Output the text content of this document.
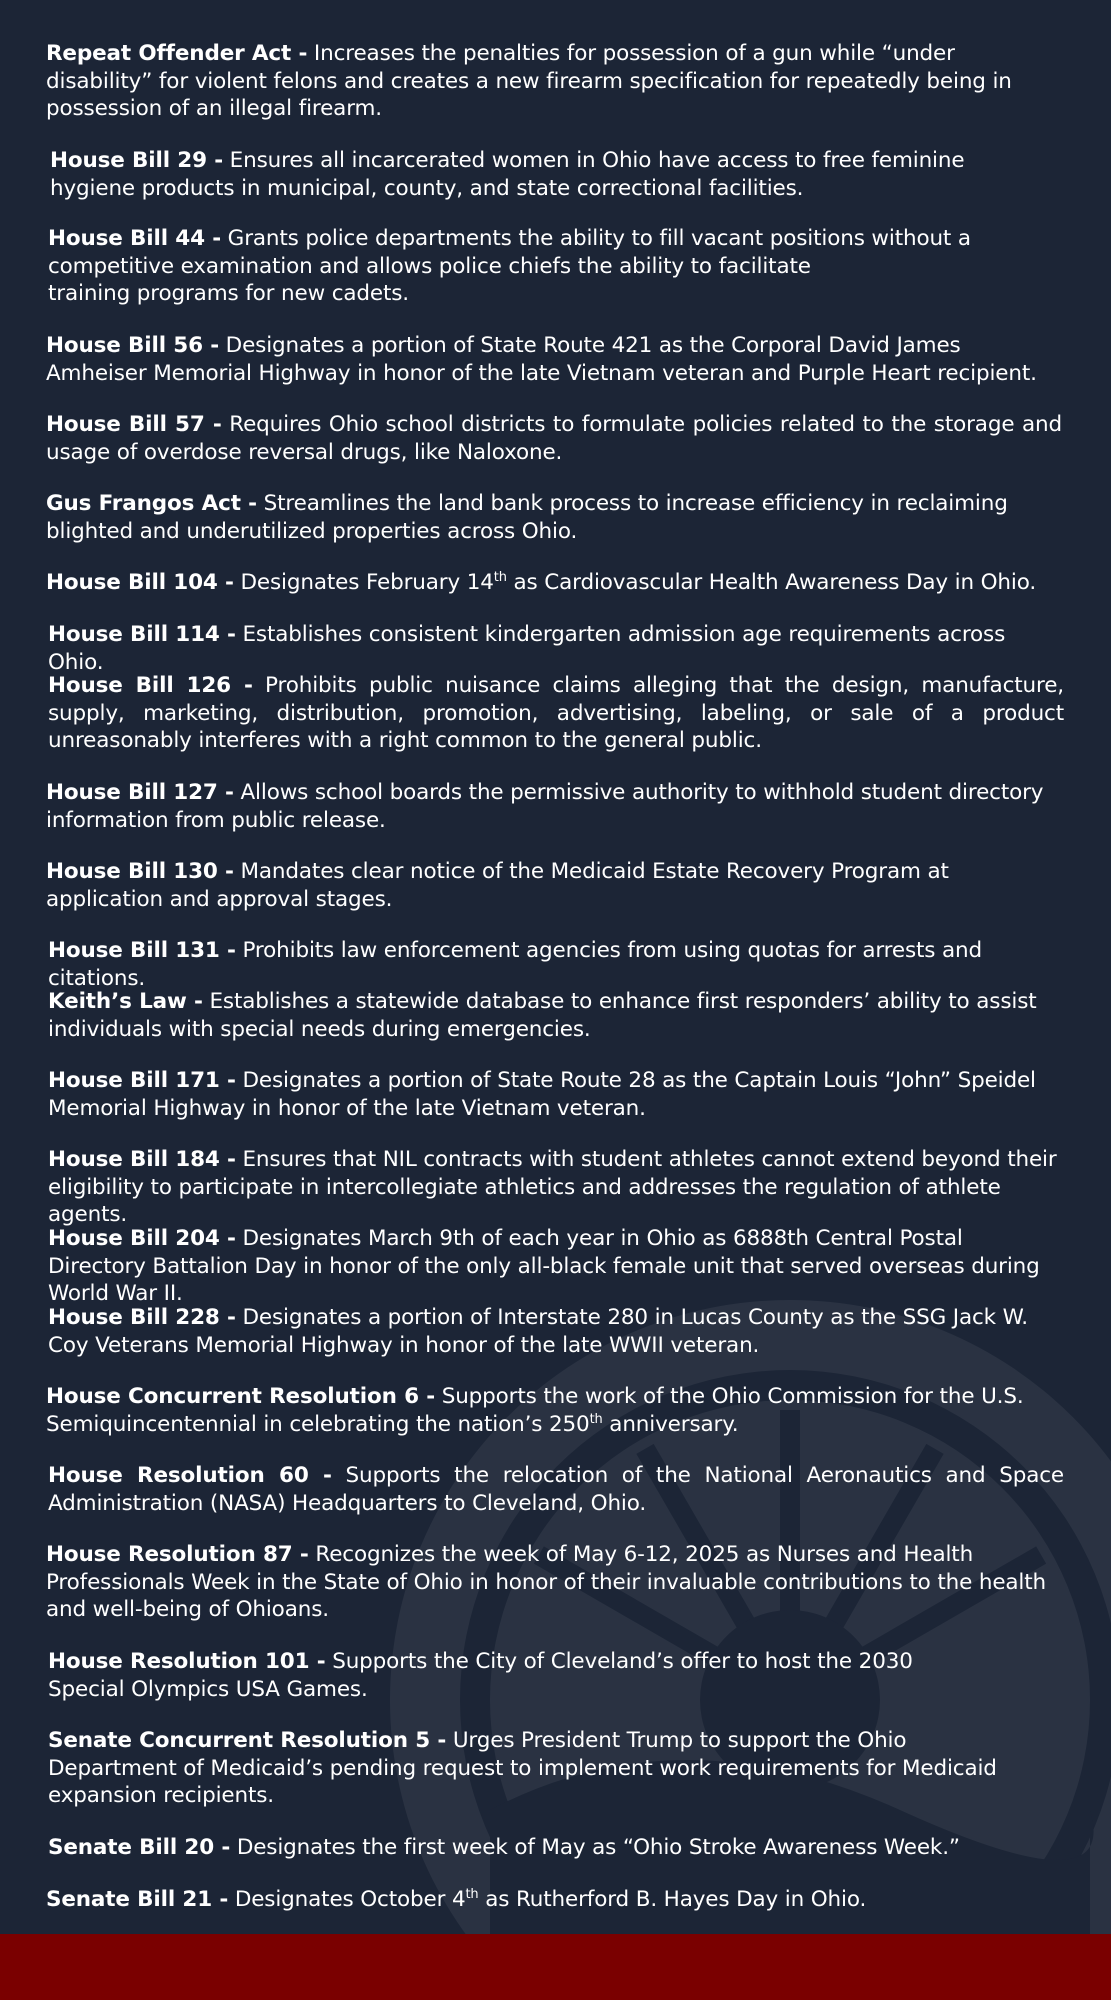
Repeat Offender Act - Increases the penalties for possession of a gun while “under disability” for violent felons and creates a new firearm specification for repeatedly being in possession of an illegal firearm.

House Bill 29 - Ensures all incarcerated women in Ohio have access to free feminine hygiene products in municipal, county, and state correctional facilities.

House Bill 44 - Grants police departments the ability to fill vacant positions without a competitive examination and allows police chiefs the ability to facilitate
training programs for new cadets.

House Bill 56 - Designates a portion of State Route 421 as the Corporal David James Amheiser Memorial Highway in honor of the late Vietnam veteran and Purple Heart recipient.

House Bill 57 - Requires Ohio school districts to formulate policies related to the storage and usage of overdose reversal drugs, like Naloxone.

Gus Frangos Act - Streamlines the land bank process to increase efficiency in reclaiming blighted and underutilized properties across Ohio.

House Bill 104 - Designates February 14th as Cardiovascular Health Awareness Day in Ohio.

House Bill 114 - Establishes consistent kindergarten admission age requirements across Ohio.

House Bill 126 - Prohibits public nuisance claims alleging that the design, manufacture, supply, marketing, distribution, promotion, advertising, labeling, or sale of a product unreasonably interferes with a right common to the general public.

House Bill 127 - Allows school boards the permissive authority to withhold student directory information from public release.

House Bill 130 - Mandates clear notice of the Medicaid Estate Recovery Program at application and approval stages.

House Bill 131 - Prohibits law enforcement agencies from using quotas for arrests and citations.

Keith’s Law - Establishes a statewide database to enhance first responders’ ability to assist individuals with special needs during emergencies.

House Bill 171 - Designates a portion of State Route 28 as the Captain Louis “John” Speidel Memorial Highway in honor of the late Vietnam veteran.

House Bill 184 - Ensures that NIL contracts with student athletes cannot extend beyond their eligibility to participate in intercollegiate athletics and addresses the regulation of athlete agents.

House Bill 204 - Designates March 9th of each year in Ohio as 6888th Central Postal Directory Battalion Day in honor of the only all-black female unit that served overseas during World War II.

House Bill 228 - Designates a portion of Interstate 280 in Lucas County as the SSG Jack W. Coy Veterans Memorial Highway in honor of the late WWII veteran.

House Concurrent Resolution 6 - Supports the work of the Ohio Commission for the U.S. Semiquincentennial in celebrating the nation’s 250th anniversary.

House Resolution 60 - Supports the relocation of the National Aeronautics and Space Administration (NASA) Headquarters to Cleveland, Ohio.

House Resolution 87 - Recognizes the week of May 6-12, 2025 as Nurses and Health Professionals Week in the State of Ohio in honor of their invaluable contributions to the health and well-being of Ohioans.

House Resolution 101 - Supports the City of Cleveland’s offer to host the 2030 Special Olympics USA Games.

Senate Concurrent Resolution 5 - Urges President Trump to support the Ohio Department of Medicaid’s pending request to implement work requirements for Medicaid expansion recipients.

Senate Bill 20 - Designates the first week of May as “Ohio Stroke Awareness Week.”

Senate Bill 21 - Designates October 4th as Rutherford B. Hayes Day in Ohio.
